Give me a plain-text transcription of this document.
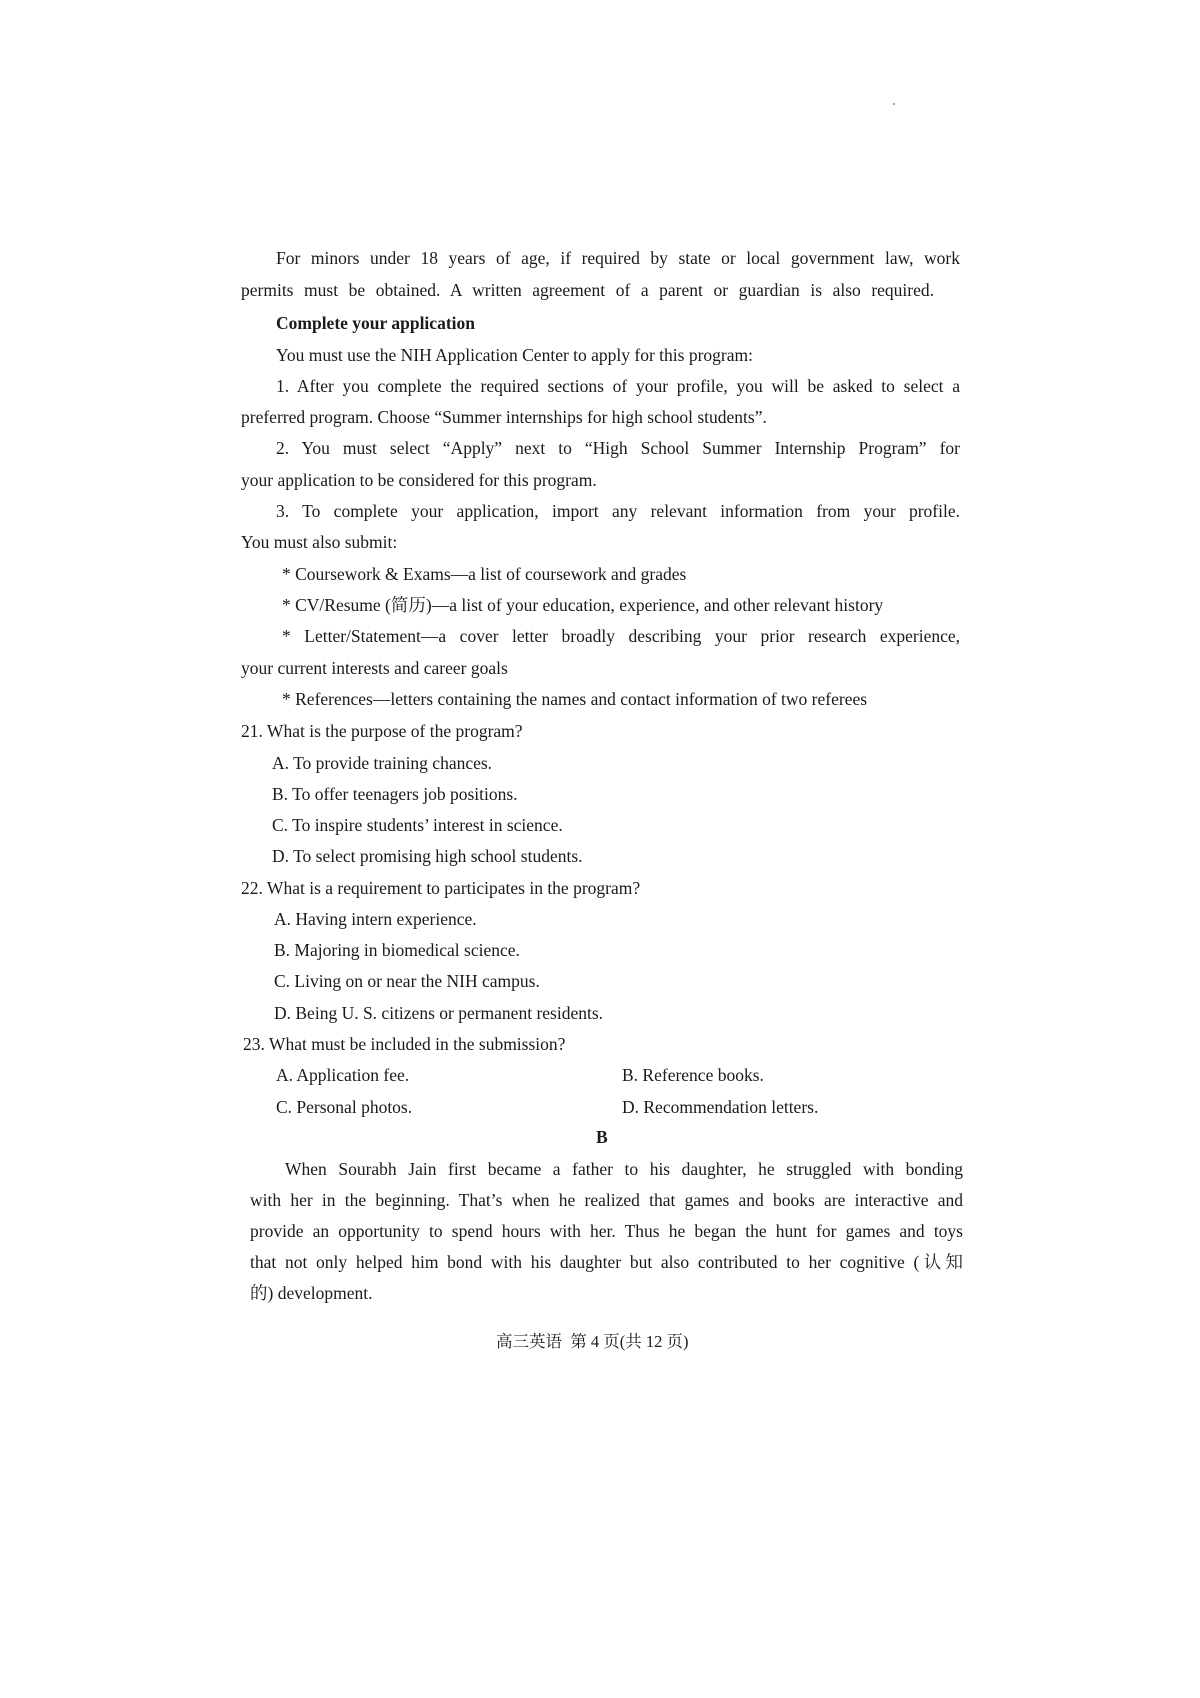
For minors under 18 years of age, if required by state or local government law, work
permits must be obtained. A written agreement of a parent or guardian is also required.
Complete your application
You must use the NIH Application Center to apply for this program:
1. After you complete the required sections of your profile, you will be asked to select a
preferred program. Choose “Summer internships for high school students”.
2. You must select “Apply” next to “High School Summer Internship Program” for
your application to be considered for this program.
3. To complete your application, import any relevant information from your profile.
You must also submit:
* Coursework & Exams—a list of coursework and grades
* CV/Resume (简历)—a list of your education, experience, and other relevant history
* Letter/Statement—a cover letter broadly describing your prior research experience,
your current interests and career goals
* References—letters containing the names and contact information of two referees
21. What is the purpose of the program?
A. To provide training chances.
B. To offer teenagers job positions.
C. To inspire students’ interest in science.
D. To select promising high school students.
22. What is a requirement to participates in the program?
A. Having intern experience.
B. Majoring in biomedical science.
C. Living on or near the NIH campus.
D. Being U. S. citizens or permanent residents.
23. What must be included in the submission?
A. Application fee.	B. Reference books.
C. Personal photos.	D. Recommendation letters.
B
When Sourabh Jain first became a father to his daughter, he struggled with bonding
with her in the beginning. That’s when he realized that games and books are interactive and
provide an opportunity to spend hours with her. Thus he began the hunt for games and toys
that not only helped him bond with his daughter but also contributed to her cognitive (认知
的) development.
高三英语  第 4 页(共 12 页)
